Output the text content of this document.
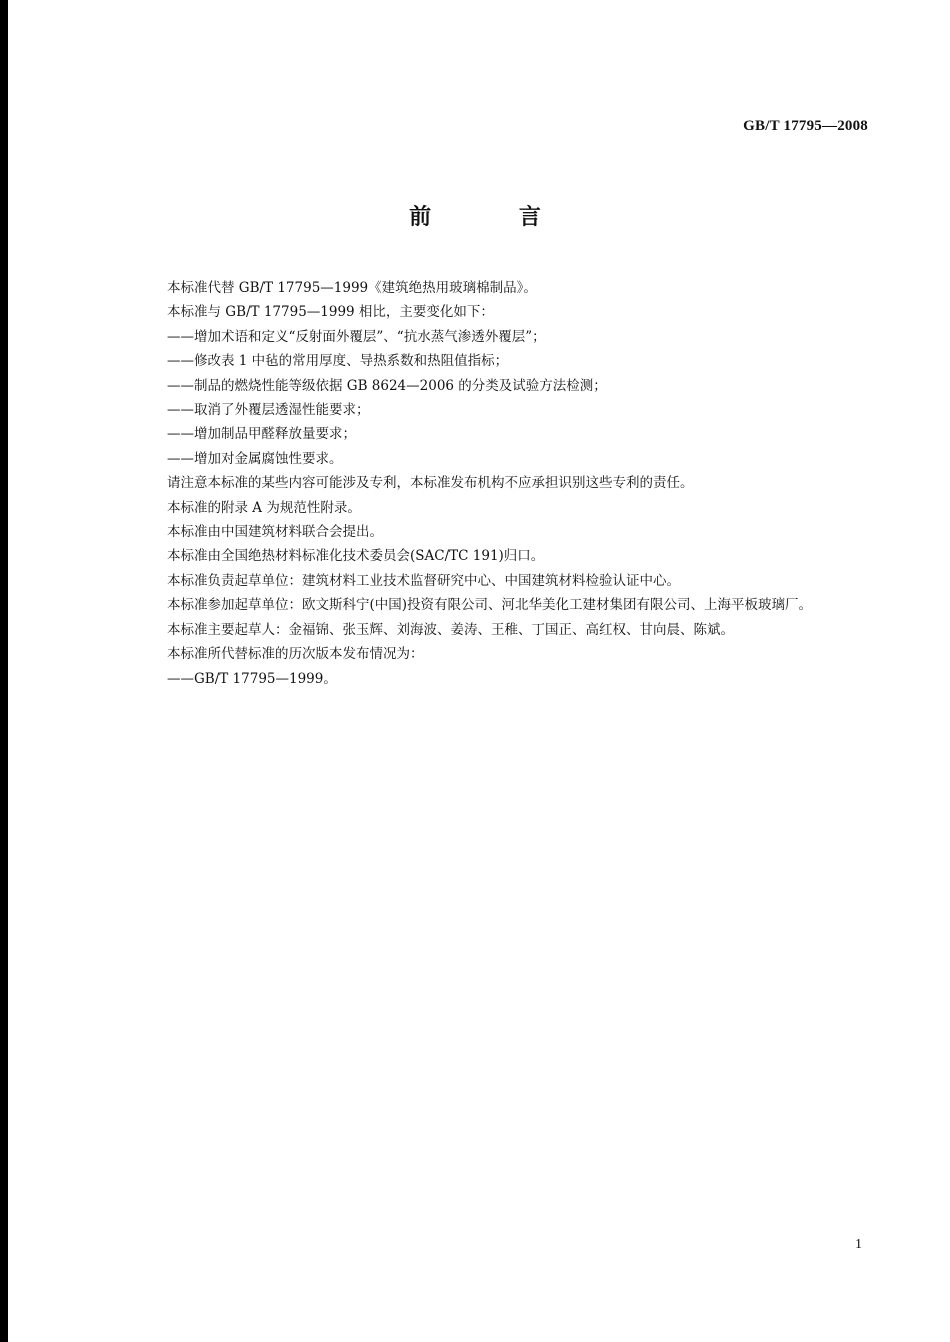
GB/T 17795—2008
前 言

本标准代替 GB/T 17795—1999《建筑绝热用玻璃棉制品》。

本标准与 GB/T 17795—1999 相比，主要变化如下：

——增加术语和定义“反射面外覆层”、“抗水蒸气渗透外覆层”；

——修改表 1 中毡的常用厚度、导热系数和热阻值指标；

——制品的燃烧性能等级依据 GB 8624—2006 的分类及试验方法检测；

——取消了外覆层透湿性能要求；

——增加制品甲醛释放量要求；

——增加对金属腐蚀性要求。

请注意本标准的某些内容可能涉及专利，本标准发布机构不应承担识别这些专利的责任。

本标准的附录 A 为规范性附录。

本标准由中国建筑材料联合会提出。

本标准由全国绝热材料标准化技术委员会(SAC/TC 191)归口。

本标准负责起草单位：建筑材料工业技术监督研究中心、中国建筑材料检验认证中心。

本标准参加起草单位：欧文斯科宁(中国)投资有限公司、河北华美化工建材集团有限公司、上海平板玻璃厂。

本标准主要起草人：金福锦、张玉辉、刘海波、姜涛、王稚、丁国正、高红权、甘向晨、陈斌。

本标准所代替标准的历次版本发布情况为：

——GB/T 17795—1999。

1
